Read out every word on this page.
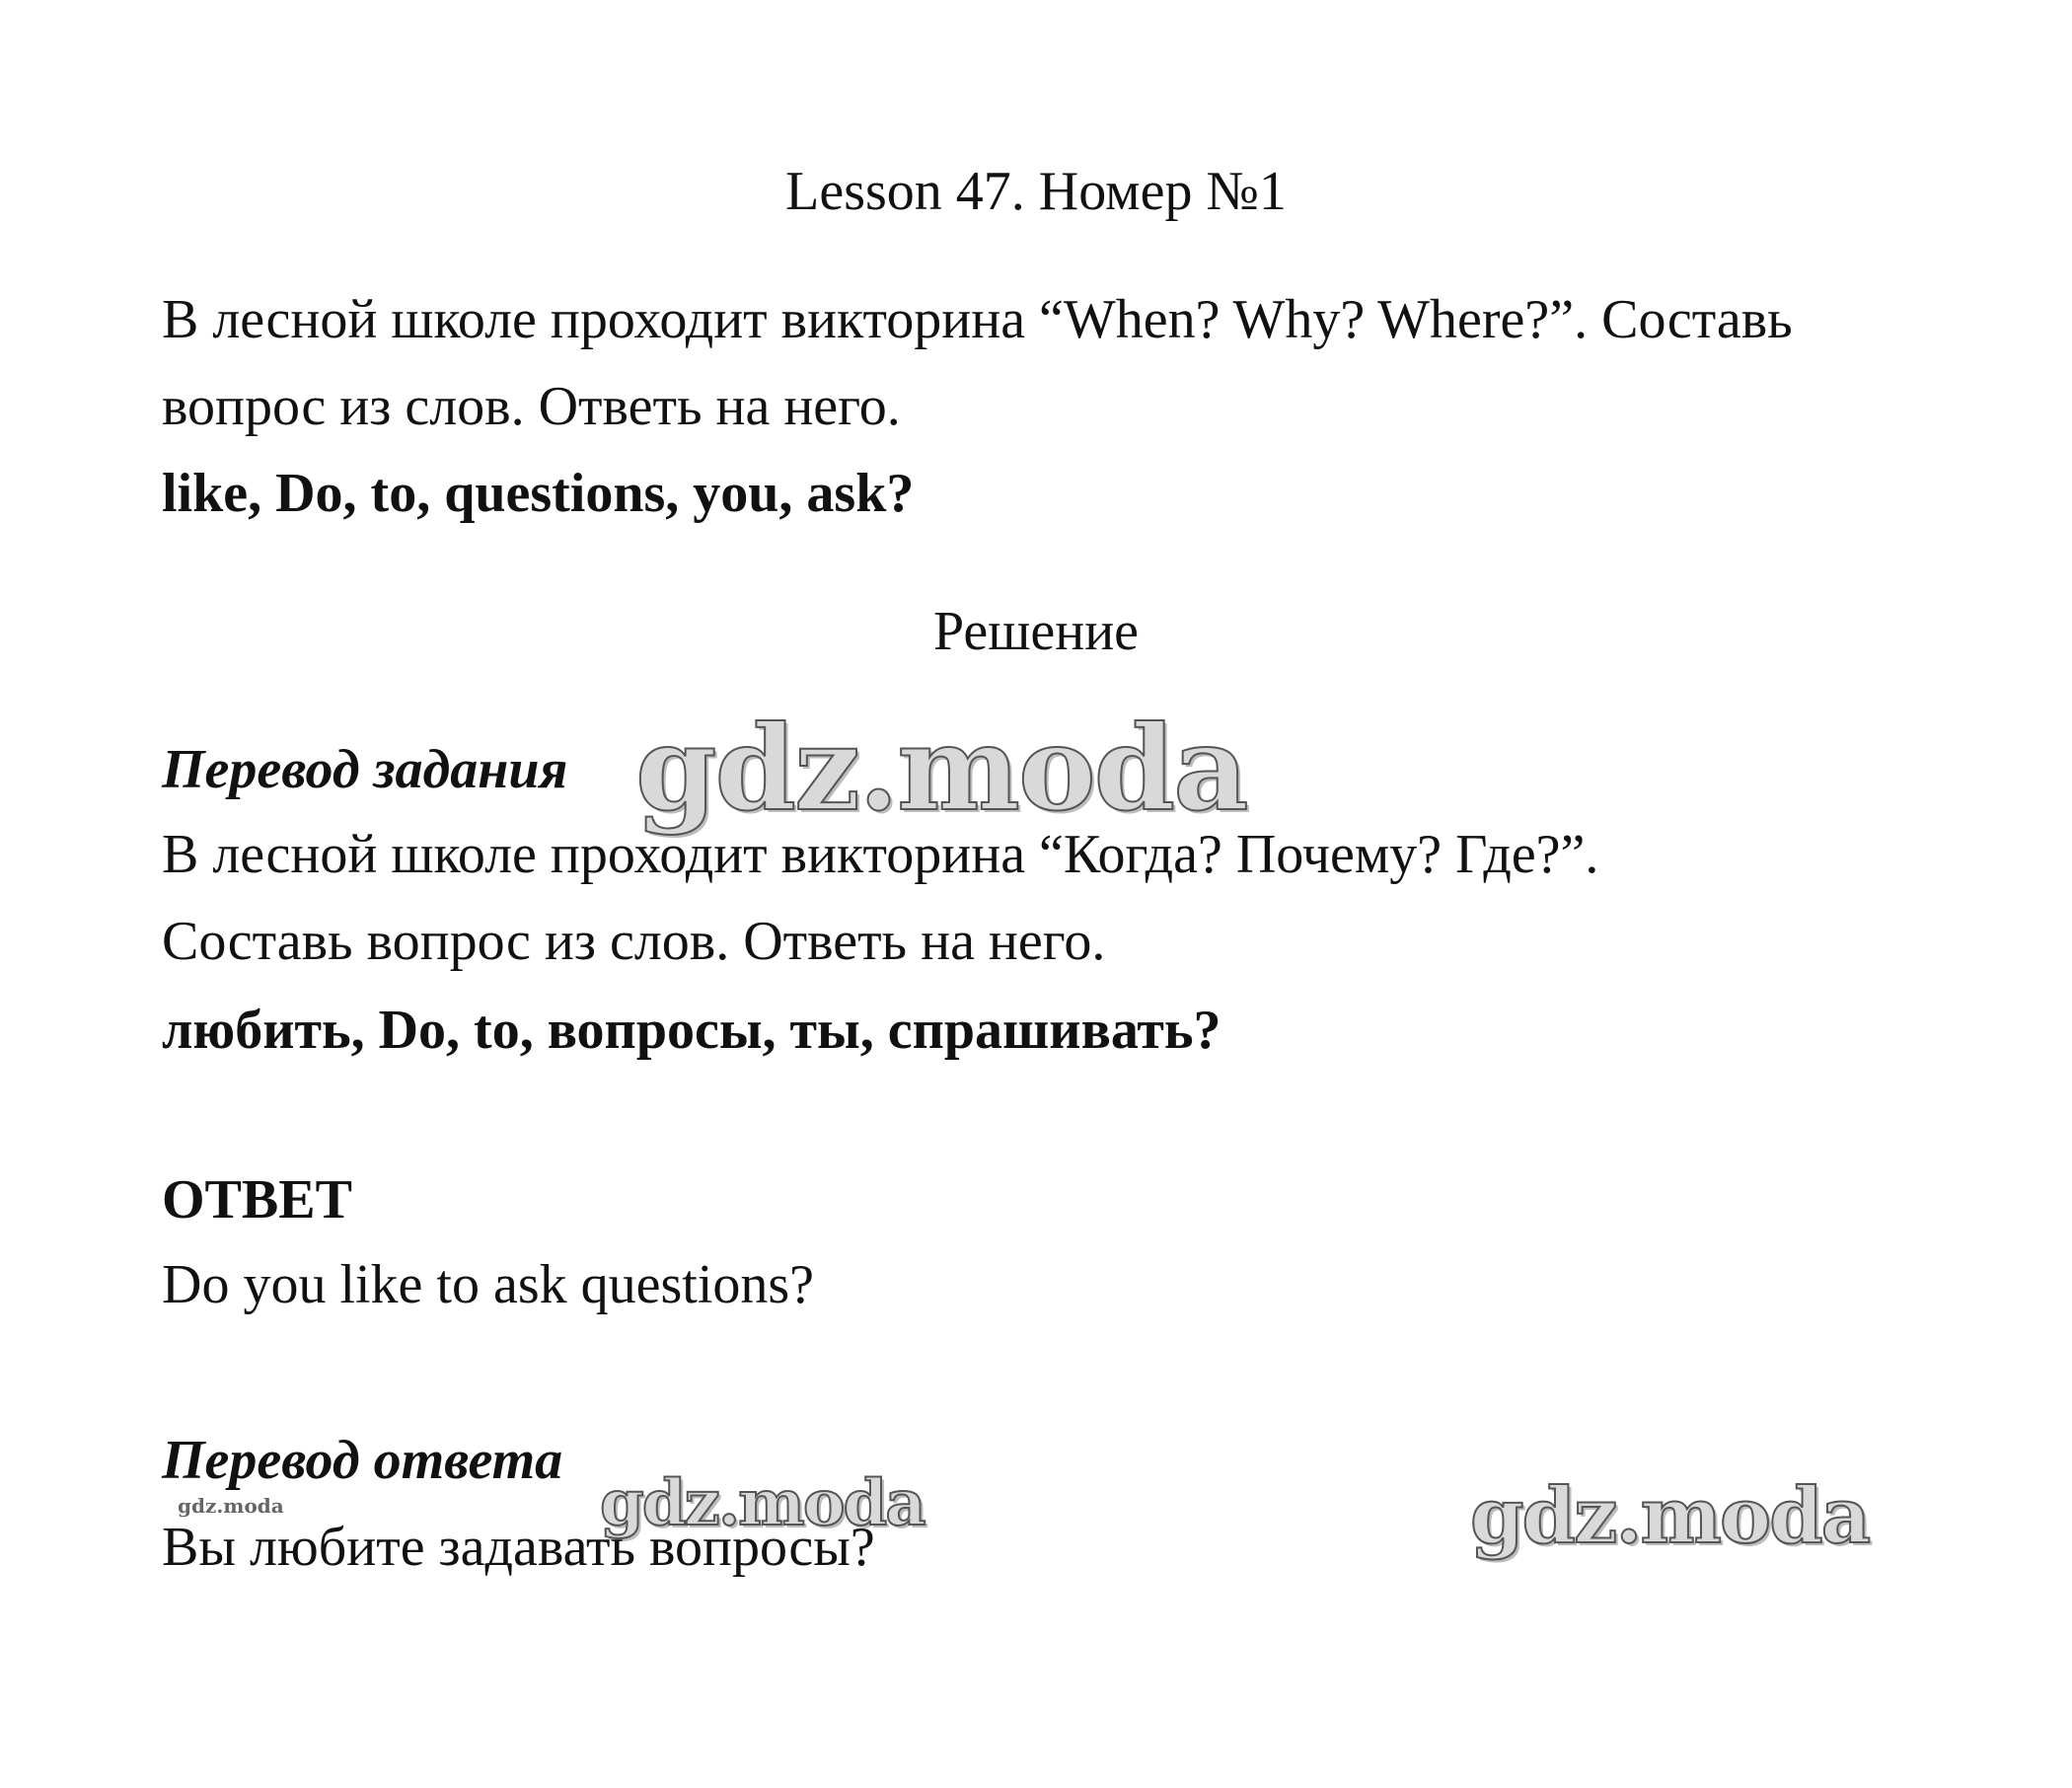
Lesson 47. Номер №1
В лесной школе проходит викторина “When? Why? Where?”. Составь
вопрос из слов. Ответь на него.
like, Do, to, questions, you, ask?
Решение
Перевод задания gdz.moda
В лесной школе проходит викторина “Когда? Почему? Где?”.
Составь вопрос из слов. Ответь на него.
любить, Do, to, вопросы, ты, спрашивать?
ОТВЕТ
Do you like to ask questions?
Перевод ответа
gdz.moda	gdz.moda	gdz.moda
Вы любите задавать вопросы?
